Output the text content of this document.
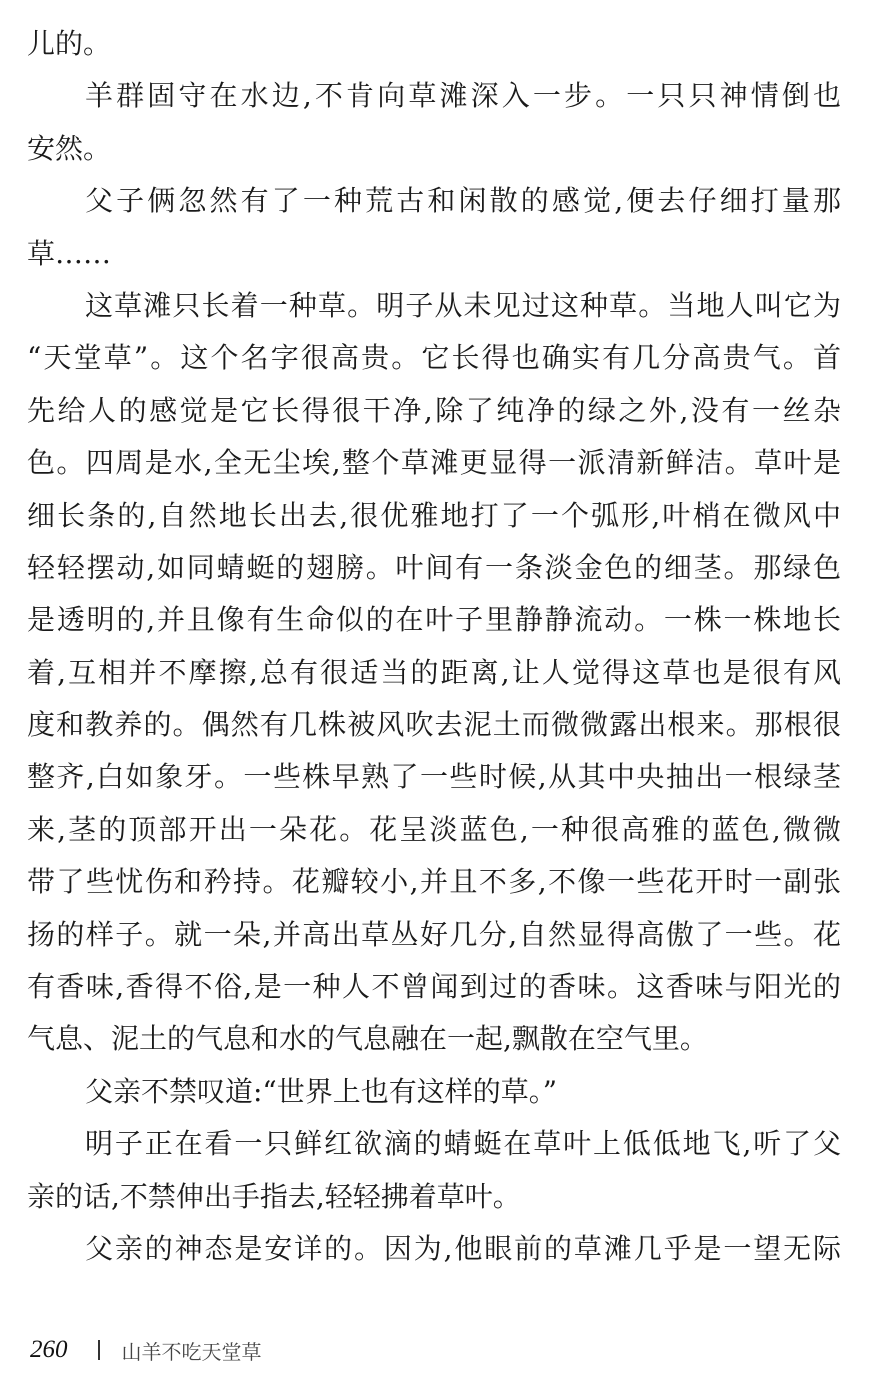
儿的。
羊群固守在水边,不肯向草滩深入一步。一只只神情倒也
安然。
父子俩忽然有了一种荒古和闲散的感觉,便去仔细打量那
草……
这草滩只长着一种草。明子从未见过这种草。当地人叫它为
“天堂草”。这个名字很高贵。它长得也确实有几分高贵气。首
先给人的感觉是它长得很干净,除了纯净的绿之外,没有一丝杂
色。四周是水,全无尘埃,整个草滩更显得一派清新鲜洁。草叶是
细长条的,自然地长出去,很优雅地打了一个弧形,叶梢在微风中
轻轻摆动,如同蜻蜓的翅膀。叶间有一条淡金色的细茎。那绿色
是透明的,并且像有生命似的在叶子里静静流动。一株一株地长
着,互相并不摩擦,总有很适当的距离,让人觉得这草也是很有风
度和教养的。偶然有几株被风吹去泥土而微微露出根来。那根很
整齐,白如象牙。一些株早熟了一些时候,从其中央抽出一根绿茎
来,茎的顶部开出一朵花。花呈淡蓝色,一种很高雅的蓝色,微微
带了些忧伤和矜持。花瓣较小,并且不多,不像一些花开时一副张
扬的样子。就一朵,并高出草丛好几分,自然显得高傲了一些。花
有香味,香得不俗,是一种人不曾闻到过的香味。这香味与阳光的
气息、泥土的气息和水的气息融在一起,飘散在空气里。
父亲不禁叹道:“世界上也有这样的草。”
明子正在看一只鲜红欲滴的蜻蜓在草叶上低低地飞,听了父
亲的话,不禁伸出手指去,轻轻拂着草叶。
父亲的神态是安详的。因为,他眼前的草滩几乎是一望无际
260	山羊不吃天堂草
